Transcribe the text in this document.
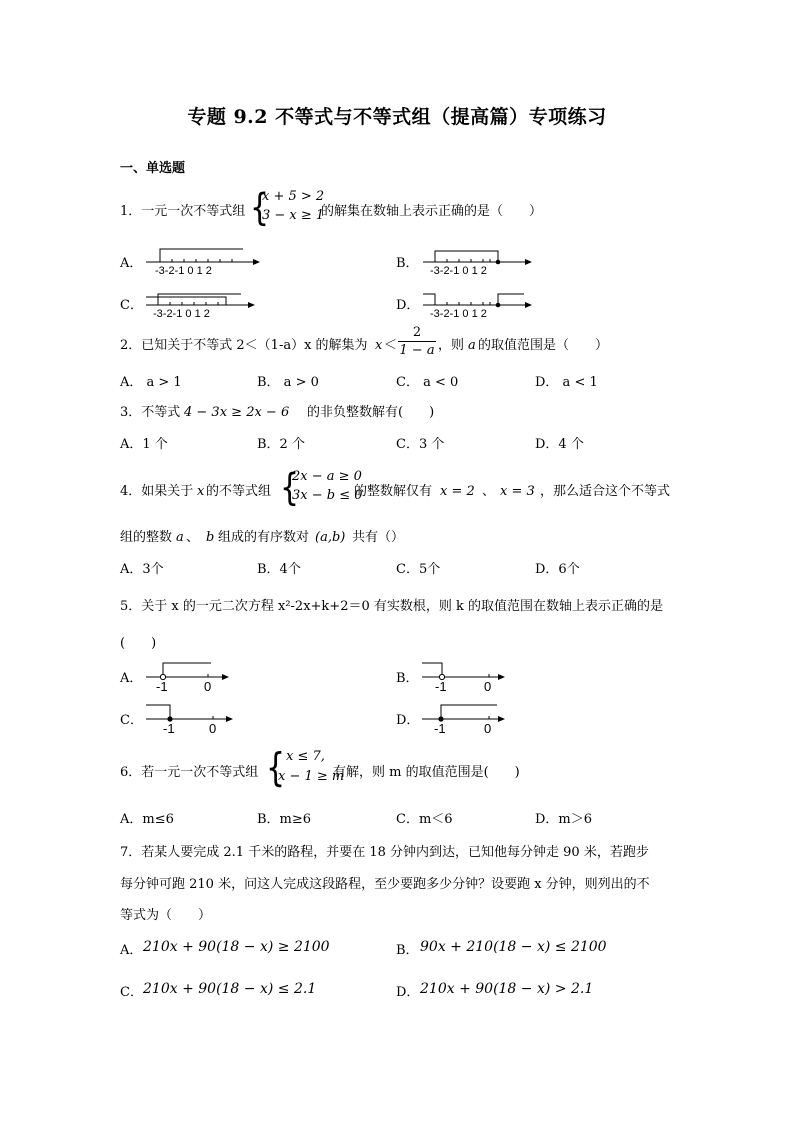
专题 9.2 不等式与不等式组（提高篇）专项练习
一、单选题
1．一元一次不等式组 {
x + 5 > 2
3 − x ≥ 1
的解集在数轴上表示正确的是（　　）
A．	B．
C．	D．
-3-2-1 0 1 2	-3-2-1 0 1 2
-3-2-1 0 1 2	-3-2-1 0 1 2
2．已知关于不等式 2＜（1-a）x 的解集为 $x < \frac{2}{1 - a}$ ，则 a 的取值范围是（　　）
A． a > 1	B． a > 0	C． a < 0	D． a < 1
3．不等式 4 − 3x ≥ 2x − 6 的非负整数解有(　　)
A．1 个	B．2 个	C．3 个	D．4 个
4．如果关于 x 的不等式组 {
2x − a ≥ 0
3x − b ≤ 0
的整数解仅有 x = 2 、 x = 3 ，那么适合这个不等式
组的整数 a 、 b 组成的有序数对 (a,b) 共有（）
A．3个	B．4个	C．5个	D．6个
5．关于 x 的一元二次方程 x²-2x+k+2＝0 有实数根，则 k 的取值范围在数轴上表示正确的是
(　　)
A．	B．
C．	D．
-1	0	-1	0
-1	0	-1	0
6．若一元一次不等式组 { x ≤ 7,
x − 1 ≥ m
有解，则 m 的取值范围是(　　)
A．m≤6	B．m≥6	C．m＜6	D．m＞6
7．若某人要完成 2.1 千米的路程，并要在 18 分钟内到达，已知他每分钟走 90 米，若跑步
每分钟可跑 210 米，问这人完成这段路程，至少要跑多少分钟？设要跑 x 分钟，则列出的不
等式为（　　）
A． 210x + 90(18 − x) ≥ 2100	B． 90x + 210(18 − x) ≤ 2100
C． 210x + 90(18 − x) ≤ 2.1	D． 210x + 90(18 − x) > 2.1
